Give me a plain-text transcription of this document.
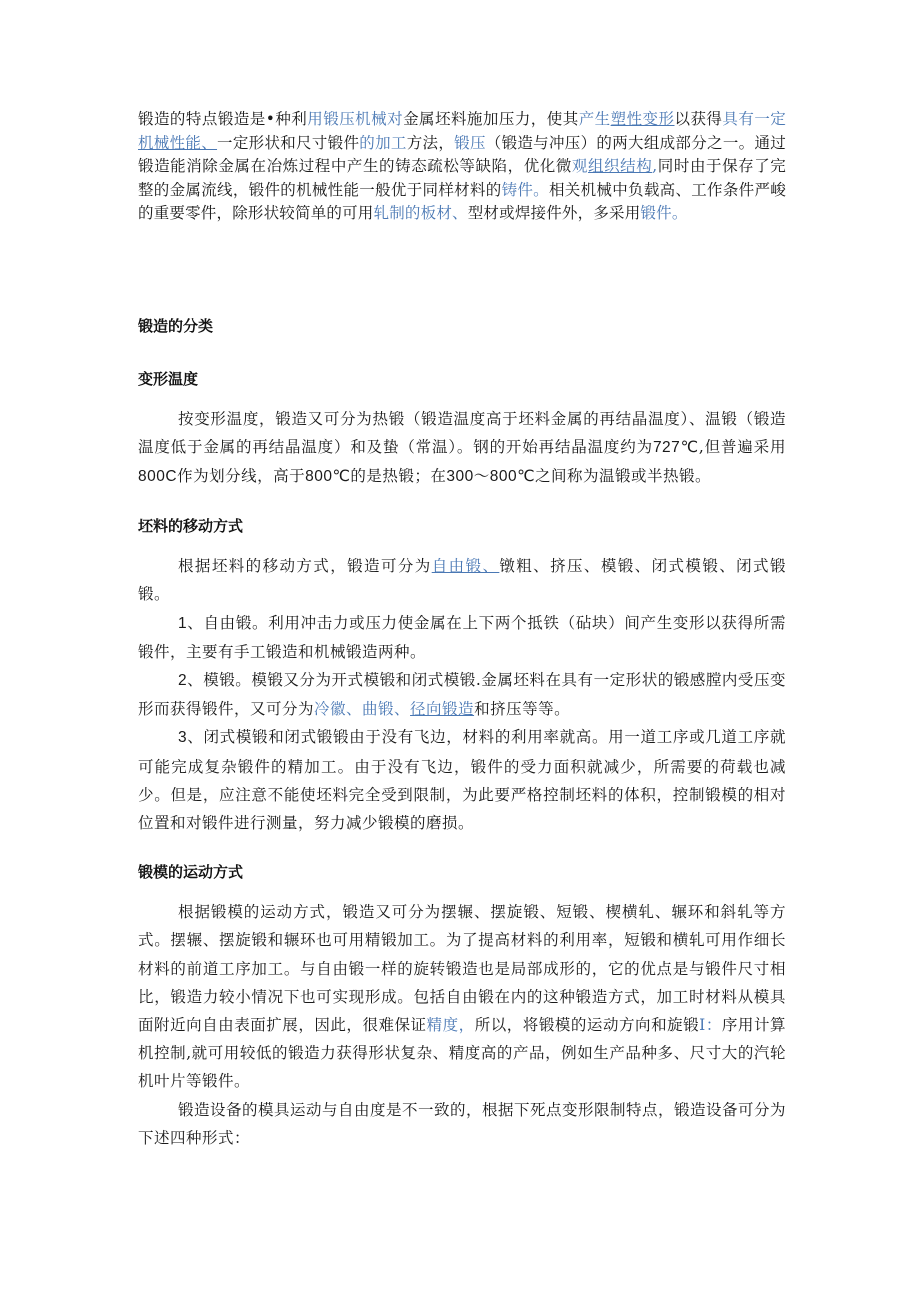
锻造的特点锻造是•种利用锻压机械对金属坯料施加压力，使其产生塑性变形以获得具有一定机械性能、一定形状和尺寸锻件的加工方法，锻压（锻造与冲压）的两大组成部分之一。通过锻造能消除金属在冶炼过程中产生的铸态疏松等缺陷，优化微观组织结构,同时由于保存了完整的金属流线，锻件的机械性能一般优于同样材料的铸件。相关机械中负载高、工作条件严峻的重要零件，除形状较简单的可用轧制的板材、型材或焊接件外，多采用锻件。

锻造的分类
变形温度

按变形温度，锻造又可分为热锻（锻造温度高于坯料金属的再结晶温度）、温锻（锻造温度低于金属的再结晶温度）和及蛰（常温）。钢的开始再结晶温度约为727℃,但普遍采用800C作为划分线，高于800℃的是热锻；在300〜800℃之间称为温锻或半热锻。

坯料的移动方式

根据坯料的移动方式，锻造可分为自由锻、镦粗、挤压、模锻、闭式模锻、闭式锻锻。

1、自由锻。利用冲击力或压力使金属在上下两个抵铁（砧块）间产生变形以获得所需锻件，主要有手工锻造和机械锻造两种。

2、模锻。模锻又分为开式模锻和闭式模锻.金属坯料在具有一定形状的锻感膛内受压变形而获得锻件，又可分为冷徽、曲锻、径向锻造和挤压等等。

3、闭式模锻和闭式锻锻由于没有飞边，材料的利用率就高。用一道工序或几道工序就可能完成复杂锻件的精加工。由于没有飞边，锻件的受力面积就减少，所需要的荷载也减少。但是，应注意不能使坯料完全受到限制，为此要严格控制坯料的体积，控制锻模的相对位置和对锻件进行测量，努力减少锻模的磨损。

锻模的运动方式

根据锻模的运动方式，锻造又可分为摆辗、摆旋锻、短锻、楔横轧、辗环和斜轧等方式。摆辗、摆旋锻和辗环也可用精锻加工。为了提高材料的利用率，短锻和横轧可用作细长材料的前道工序加工。与自由锻一样的旋转锻造也是局部成形的，它的优点是与锻件尺寸相比，锻造力较小情况下也可实现形成。包括自由锻在内的这种锻造方式，加工时材料从模具面附近向自由表面扩展，因此，很难保证精度，所以，将锻模的运动方向和旋锻I：序用计算机控制,就可用较低的锻造力获得形状复杂、精度高的产品，例如生产品种多、尺寸大的汽轮机叶片等锻件。

锻造设备的模具运动与自由度是不一致的，根据下死点变形限制特点，锻造设备可分为下述四种形式：
